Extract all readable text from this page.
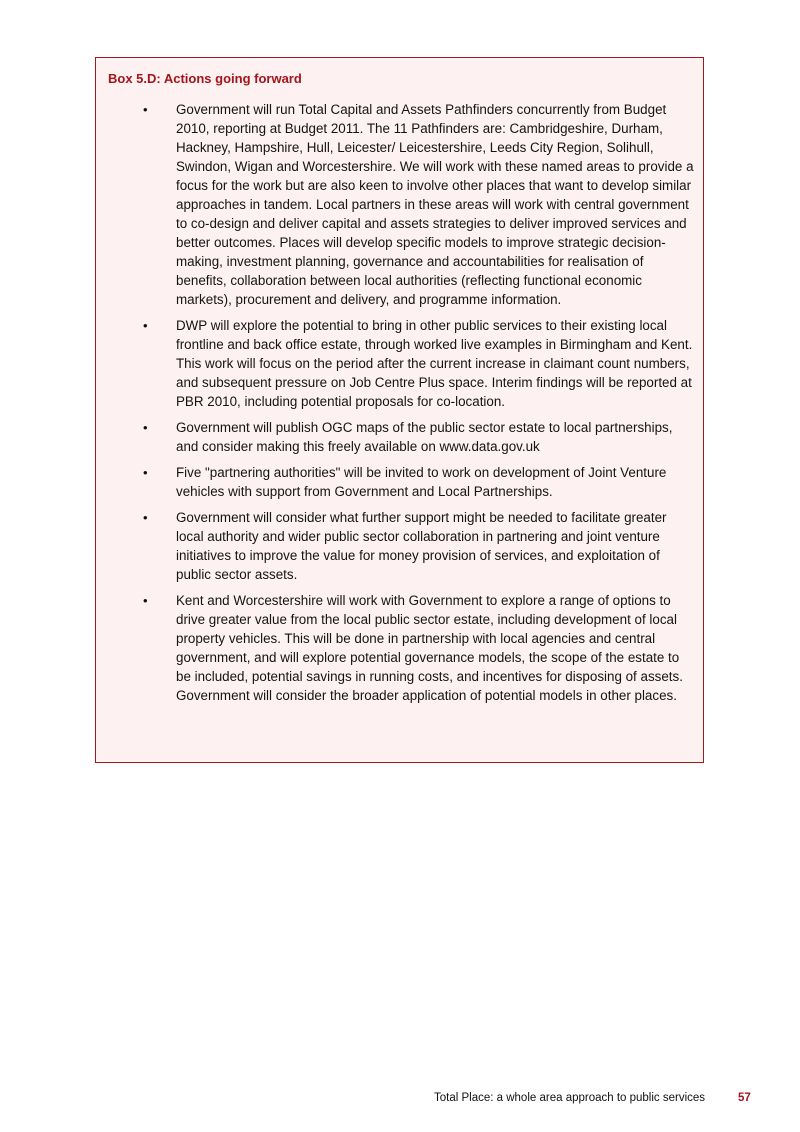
Box 5.D: Actions going forward
• Government will run Total Capital and Assets Pathfinders concurrently from Budget 2010, reporting at Budget 2011. The 11 Pathfinders are: Cambridgeshire, Durham, Hackney, Hampshire, Hull, Leicester/ Leicestershire, Leeds City Region, Solihull, Swindon, Wigan and Worcestershire. We will work with these named areas to provide a focus for the work but are also keen to involve other places that want to develop similar approaches in tandem. Local partners in these areas will work with central government to co-design and deliver capital and assets strategies to deliver improved services and better outcomes. Places will develop specific models to improve strategic decision-making, investment planning, governance and accountabilities for realisation of benefits, collaboration between local authorities (reflecting functional economic markets), procurement and delivery, and programme information.
• DWP will explore the potential to bring in other public services to their existing local frontline and back office estate, through worked live examples in Birmingham and Kent. This work will focus on the period after the current increase in claimant count numbers, and subsequent pressure on Job Centre Plus space. Interim findings will be reported at PBR 2010, including potential proposals for co-location.
• Government will publish OGC maps of the public sector estate to local partnerships, and consider making this freely available on www.data.gov.uk
• Five "partnering authorities" will be invited to work on development of Joint Venture vehicles with support from Government and Local Partnerships.
• Government will consider what further support might be needed to facilitate greater local authority and wider public sector collaboration in partnering and joint venture initiatives to improve the value for money provision of services, and exploitation of public sector assets.
• Kent and Worcestershire will work with Government to explore a range of options to drive greater value from the local public sector estate, including development of local property vehicles. This will be done in partnership with local agencies and central government, and will explore potential governance models, the scope of the estate to be included, potential savings in running costs, and incentives for disposing of assets. Government will consider the broader application of potential models in other places.
Total Place: a whole area approach to public services	57
